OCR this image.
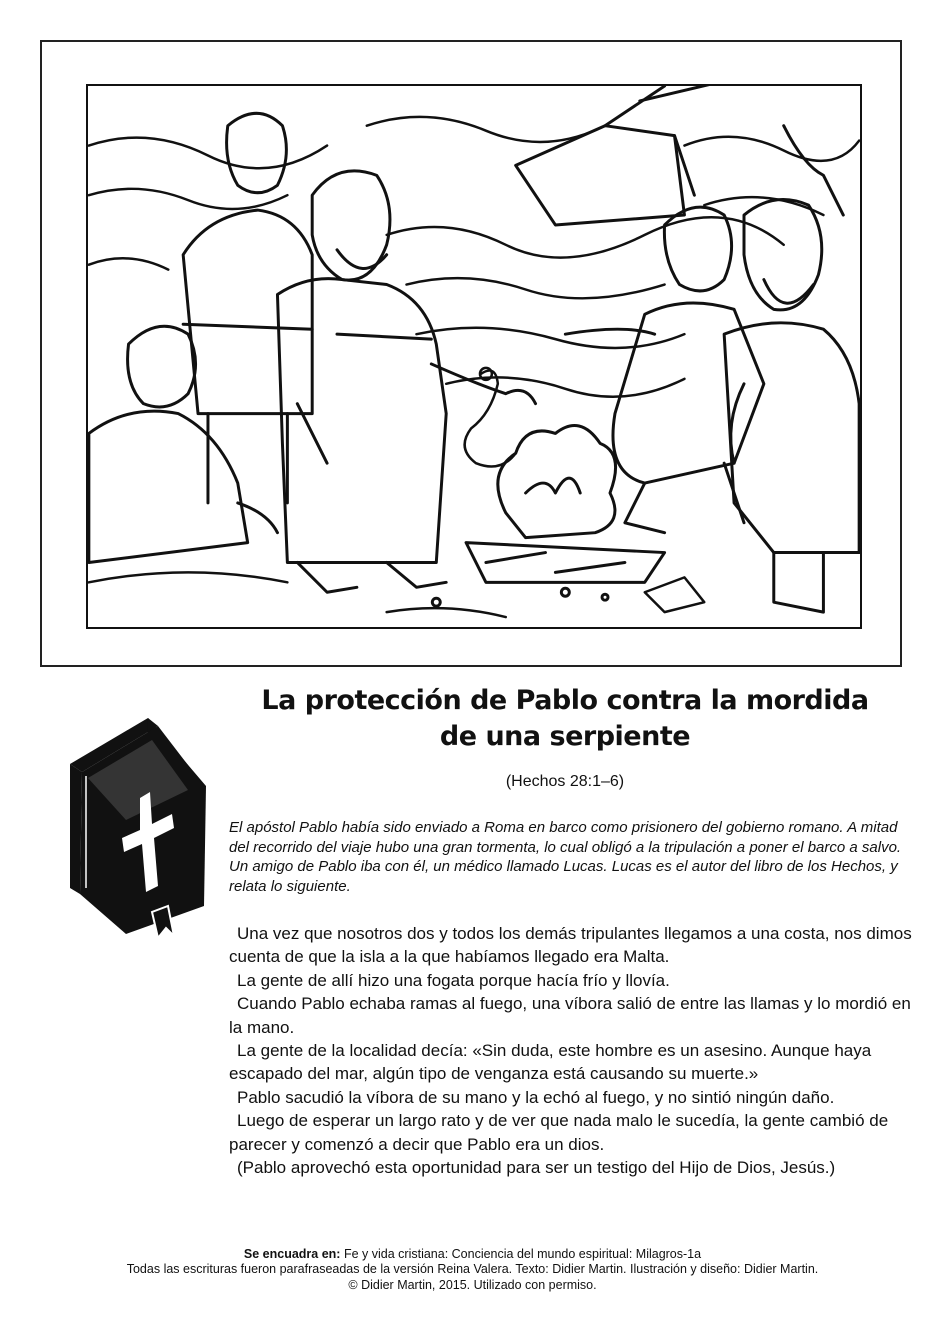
La protección de Pablo contra la mordida de una serpiente
(Hechos 28:1–6)

El apóstol Pablo había sido enviado a Roma en barco como prisionero del gobierno romano. A mitad del recorrido del viaje hubo una gran tormenta, lo cual obligó a la tripulación a poner el barco a salvo. Un amigo de Pablo iba con él, un médico llamado Lucas. Lucas es el autor del libro de los Hechos, y relata lo siguiente.

Una vez que nosotros dos y todos los demás tripulantes llegamos a una costa, nos dimos cuenta de que la isla a la que habíamos llegado era Malta.

La gente de allí hizo una fogata porque hacía frío y llovía.

Cuando Pablo echaba ramas al fuego, una víbora salió de entre las llamas y lo mordió en la mano.

La gente de la localidad decía: «Sin duda, este hombre es un asesino. Aunque haya escapado del mar, algún tipo de venganza está causando su muerte.»

Pablo sacudió la víbora de su mano y la echó al fuego, y no sintió ningún daño.

Luego de esperar un largo rato y de ver que nada malo le sucedía, la gente cambió de parecer y comenzó a decir que Pablo era un dios.

(Pablo aprovechó esta oportunidad para ser un testigo del Hijo de Dios, Jesús.)

Se encuadra en: Fe y vida cristiana: Conciencia del mundo espiritual: Milagros-1a
Todas las escrituras fueron parafraseadas de la versión Reina Valera. Texto: Didier Martin. Ilustración y diseño: Didier Martin.
© Didier Martin, 2015. Utilizado con permiso.
